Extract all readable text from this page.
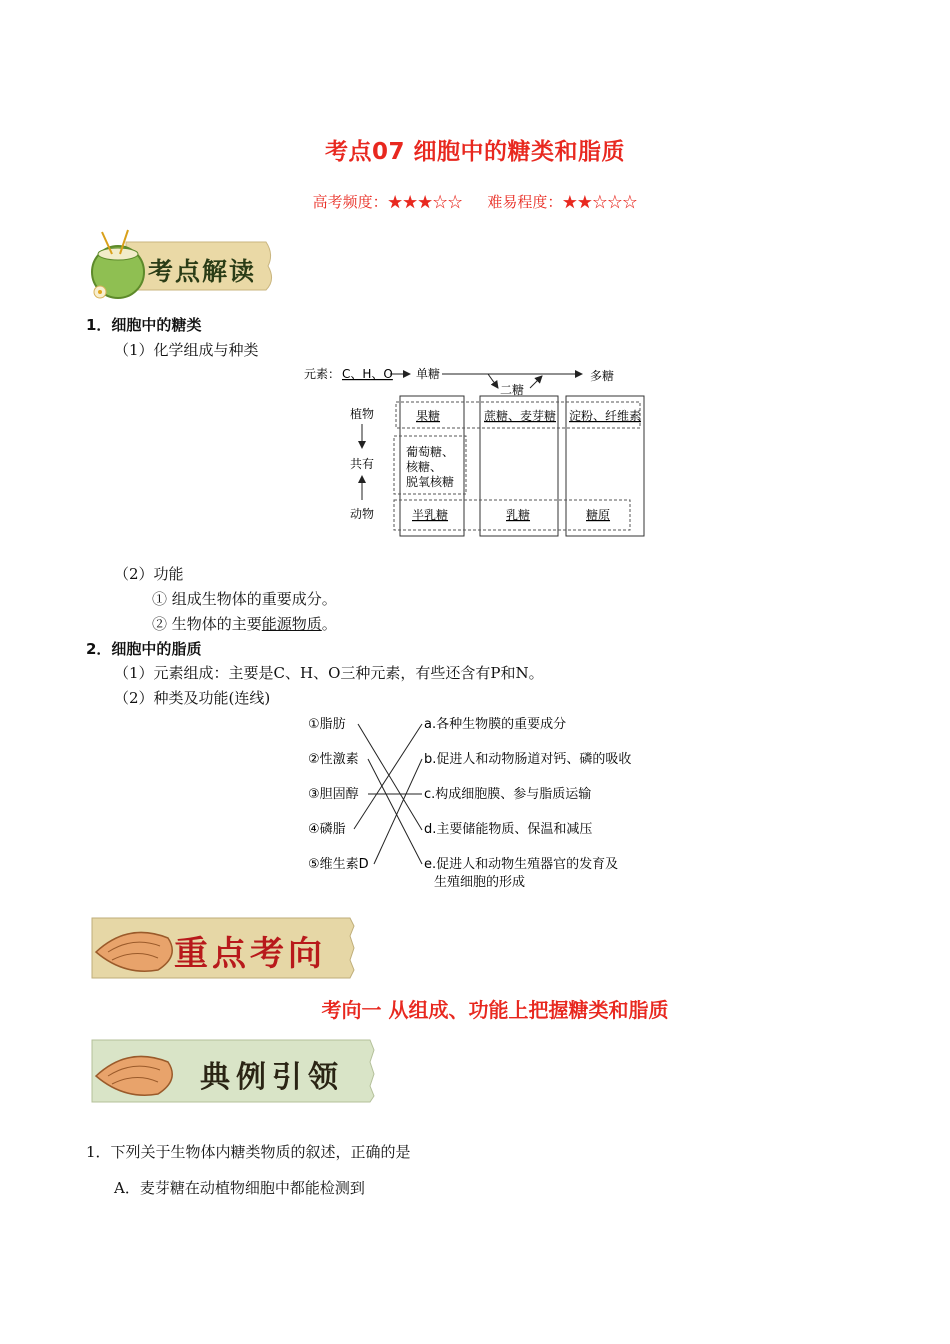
考点07 细胞中的糖类和脂质
高考频度：★★★☆☆ 难易程度：★★☆☆☆
考点解读
1．细胞中的糖类
（1）化学组成与种类
元素： C、H、O 单糖
二糖
多糖
植物
共有
动物
果糖	蔗糖、麦芽糖 淀粉、纤维素
葡萄糖、
核糖、
脱氧核糖
半乳糖	乳糖	糖原
（2）功能
① 组成生物体的重要成分。
② 生物体的主要能源物质。
2．细胞中的脂质
（1）元素组成：主要是C、H、O三种元素，有些还含有P和N。
（2）种类及功能(连线)
①脂肪
②性激素
③胆固醇
④磷脂
⑤维生素D
a.各种生物膜的重要成分
b.促进人和动物肠道对钙、磷的吸收
c.构成细胞膜、参与脂质运输
d.主要储能物质、保温和减压
e.促进人和动物生殖器官的发育及
生殖细胞的形成
重点考向
考向一 从组成、功能上把握糖类和脂质
典例引领
1．下列关于生物体内糖类物质的叙述，正确的是
A．麦芽糖在动植物细胞中都能检测到
